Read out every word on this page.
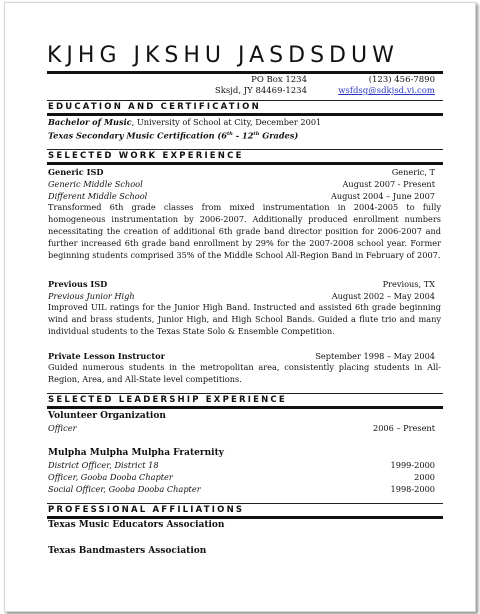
KJHG JKSHU JASDSDUW
PO Box 1234
Sksjd, JY 84469-1234
(123) 456-7890
wsfdsg@sdkjsd.vi.com
EDUCATION AND CERTIFICATION
Bachelor of Music, University of School at City, December 2001
Texas Secondary Music Certification (6th - 12th Grades)
SELECTED WORK EXPERIENCE
Generic ISD	Generic, T
Generic Middle School	August 2007 - Present
Different Middle School	August 2004 – June 2007

Transformed 6th grade classes from mixed instrumentation in 2004-2005 to fully homogeneous instrumentation by 2006-2007. Additionally produced enrollment numbers necessitating the creation of additional 6th grade band director position for 2006-2007 and further increased 6th grade band enrollment by 29% for the 2007-2008 school year. Former beginning students comprised 35% of the Middle School All-Region Band in February of 2007.

Previous ISD	Previous, TX
Previous Junior High	August 2002 – May 2004

Improved UIL ratings for the Junior High Band. Instructed and assisted 6th grade beginning wind and brass students, Junior High, and High School Bands. Guided a flute trio and many individual students to the Texas State Solo & Ensemble Competition.

Private Lesson Instructor	September 1998 – May 2004

Guided numerous students in the metropolitan area, consistently placing students in All-Region, Area, and All-State level competitions.

SELECTED LEADERSHIP EXPERIENCE
Volunteer Organization
Officer	2006 – Present
Mulpha Mulpha Mulpha Fraternity
District Officer, District 18	1999-2000
Officer, Gooba Dooba Chapter	2000
Social Officer, Gooba Dooba Chapter	1998-2000
PROFESSIONAL AFFILIATIONS
Texas Music Educators Association
Texas Bandmasters Association
